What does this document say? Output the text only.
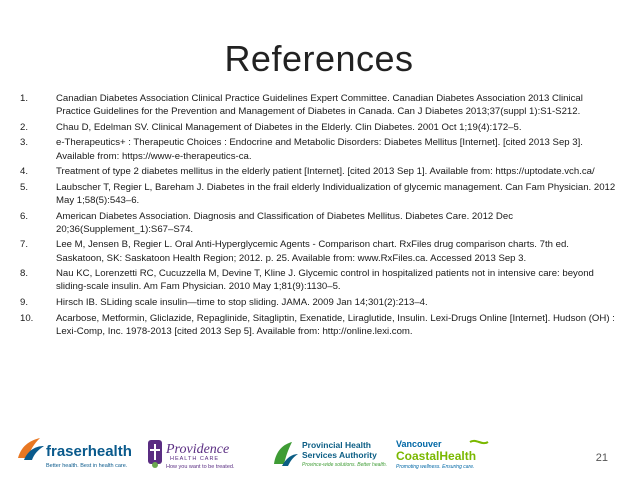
References
1.	Canadian Diabetes Association Clinical Practice Guidelines Expert Committee. Canadian Diabetes Association 2013 Clinical Practice Guidelines for the Prevention and Management of Diabetes in Canada. Can J Diabetes 2013;37(suppl 1):S1-S212.
2.	Chau D, Edelman SV. Clinical Management of Diabetes in the Elderly. Clin Diabetes. 2001 Oct 1;19(4):172–5.
3.	e-Therapeutics+ : Therapeutic Choices : Endocrine and Metabolic Disorders: Diabetes Mellitus [Internet]. [cited 2013 Sep 3]. Available from: https://www-e-therapeutics-ca.
4.	Treatment of type 2 diabetes mellitus in the elderly patient [Internet]. [cited 2013 Sep 1]. Available from: https://uptodate.vch.ca/
5.	Laubscher T, Regier L, Bareham J. Diabetes in the frail elderly Individualization of glycemic management. Can Fam Physician. 2012 May 1;58(5):543–6.
6.	American Diabetes Association. Diagnosis and Classification of Diabetes Mellitus. Diabetes Care. 2012 Dec 20;36(Supplement_1):S67–S74.
7.	Lee M, Jensen B, Regier L. Oral Anti-Hyperglycemic Agents - Comparison chart. RxFiles drug comparison charts. 7th ed. Saskatoon, SK: Saskatoon Health Region; 2012. p. 25. Available from: www.RxFiles.ca. Accessed 2013 Sep 3.
8.	Nau KC, Lorenzetti RC, Cucuzzella M, Devine T, Kline J. Glycemic control in hospitalized patients not in intensive care: beyond sliding-scale insulin. Am Fam Physician. 2010 May 1;81(9):1130–5.
9.	Hirsch IB. SLiding scale insulin—time to stop sliding. JAMA. 2009 Jan 14;301(2):213–4.
10. Acarbose, Metformin, Gliclazide, Repaglinide, Sitagliptin, Exenatide, Liraglutide, Insulin. Lexi-Drugs Online [Internet]. Hudson (OH) : Lexi-Comp, Inc. 1978-2013 [cited 2013 Sep 5]. Available from: http://online.lexi.com.
fraserhealth
Better health. Best in health care.
Providence
HEALTH CARE
How you want to be treated.
Provincial Health
Services Authority
Province-wide solutions. Better health.
Vancouver
CoastalHealth
Promoting wellness. Ensuring care.
21
